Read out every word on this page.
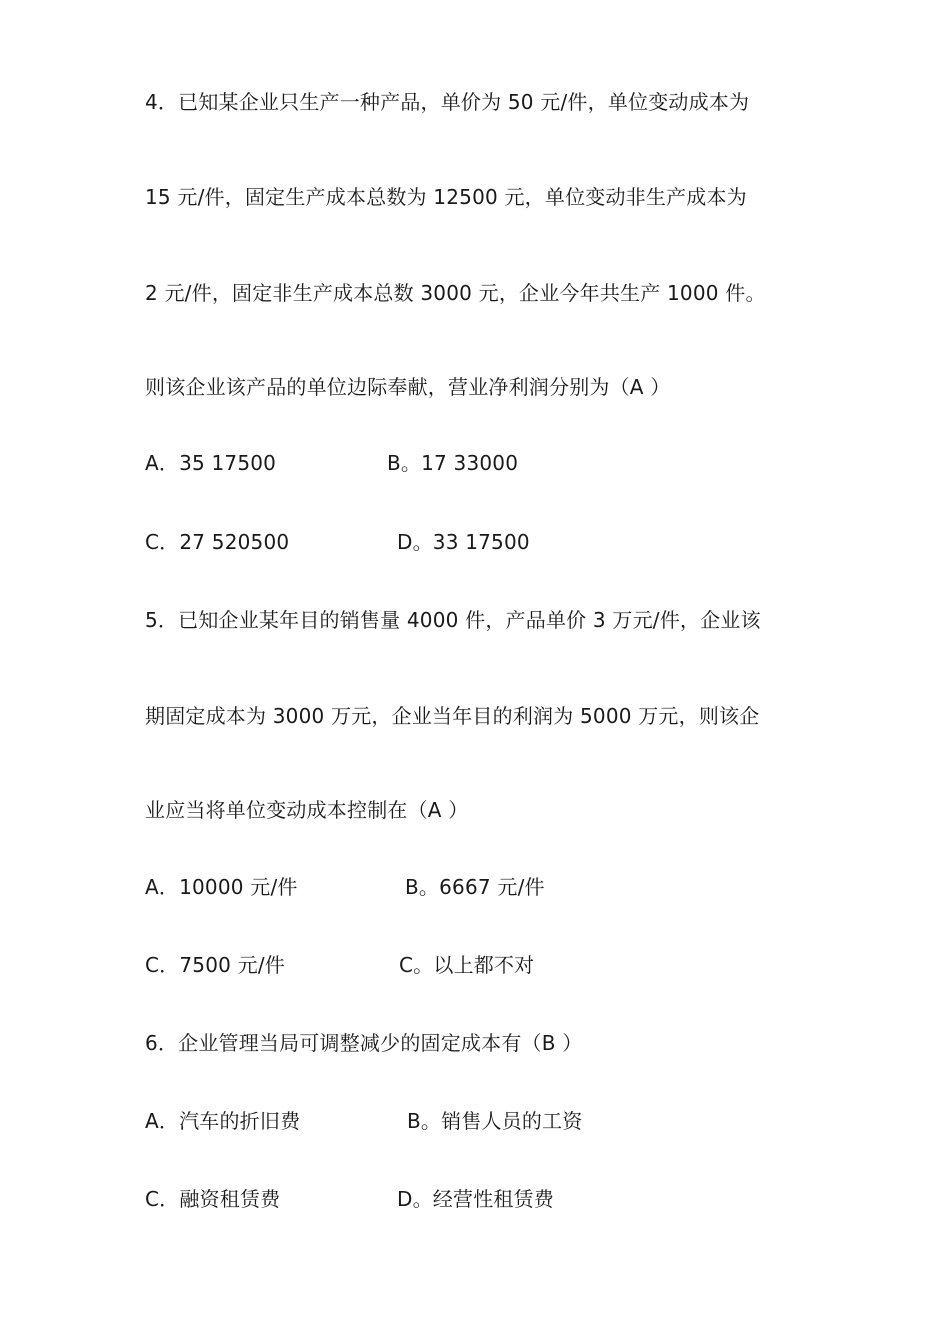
4．已知某企业只生产一种产品，单价为 50 元/件，单位变动成本为
15 元/件，固定生产成本总数为 12500 元，单位变动非生产成本为
2 元/件，固定非生产成本总数 3000 元，企业今年共生产 1000 件。
则该企业该产品的单位边际奉献，营业净利润分别为（A ）
A．35 17500	B。17 33000
C．27 520500	D。33 17500
5．已知企业某年目的销售量 4000 件，产品单价 3 万元/件，企业该
期固定成本为 3000 万元，企业当年目的利润为 5000 万元，则该企
业应当将单位变动成本控制在（A ）
A．10000 元/件	B。6667 元/件
C．7500 元/件	C。以上都不对
6．企业管理当局可调整减少的固定成本有（B ）
A．汽车的折旧费	B。销售人员的工资
C．融资租赁费	D。经营性租赁费
